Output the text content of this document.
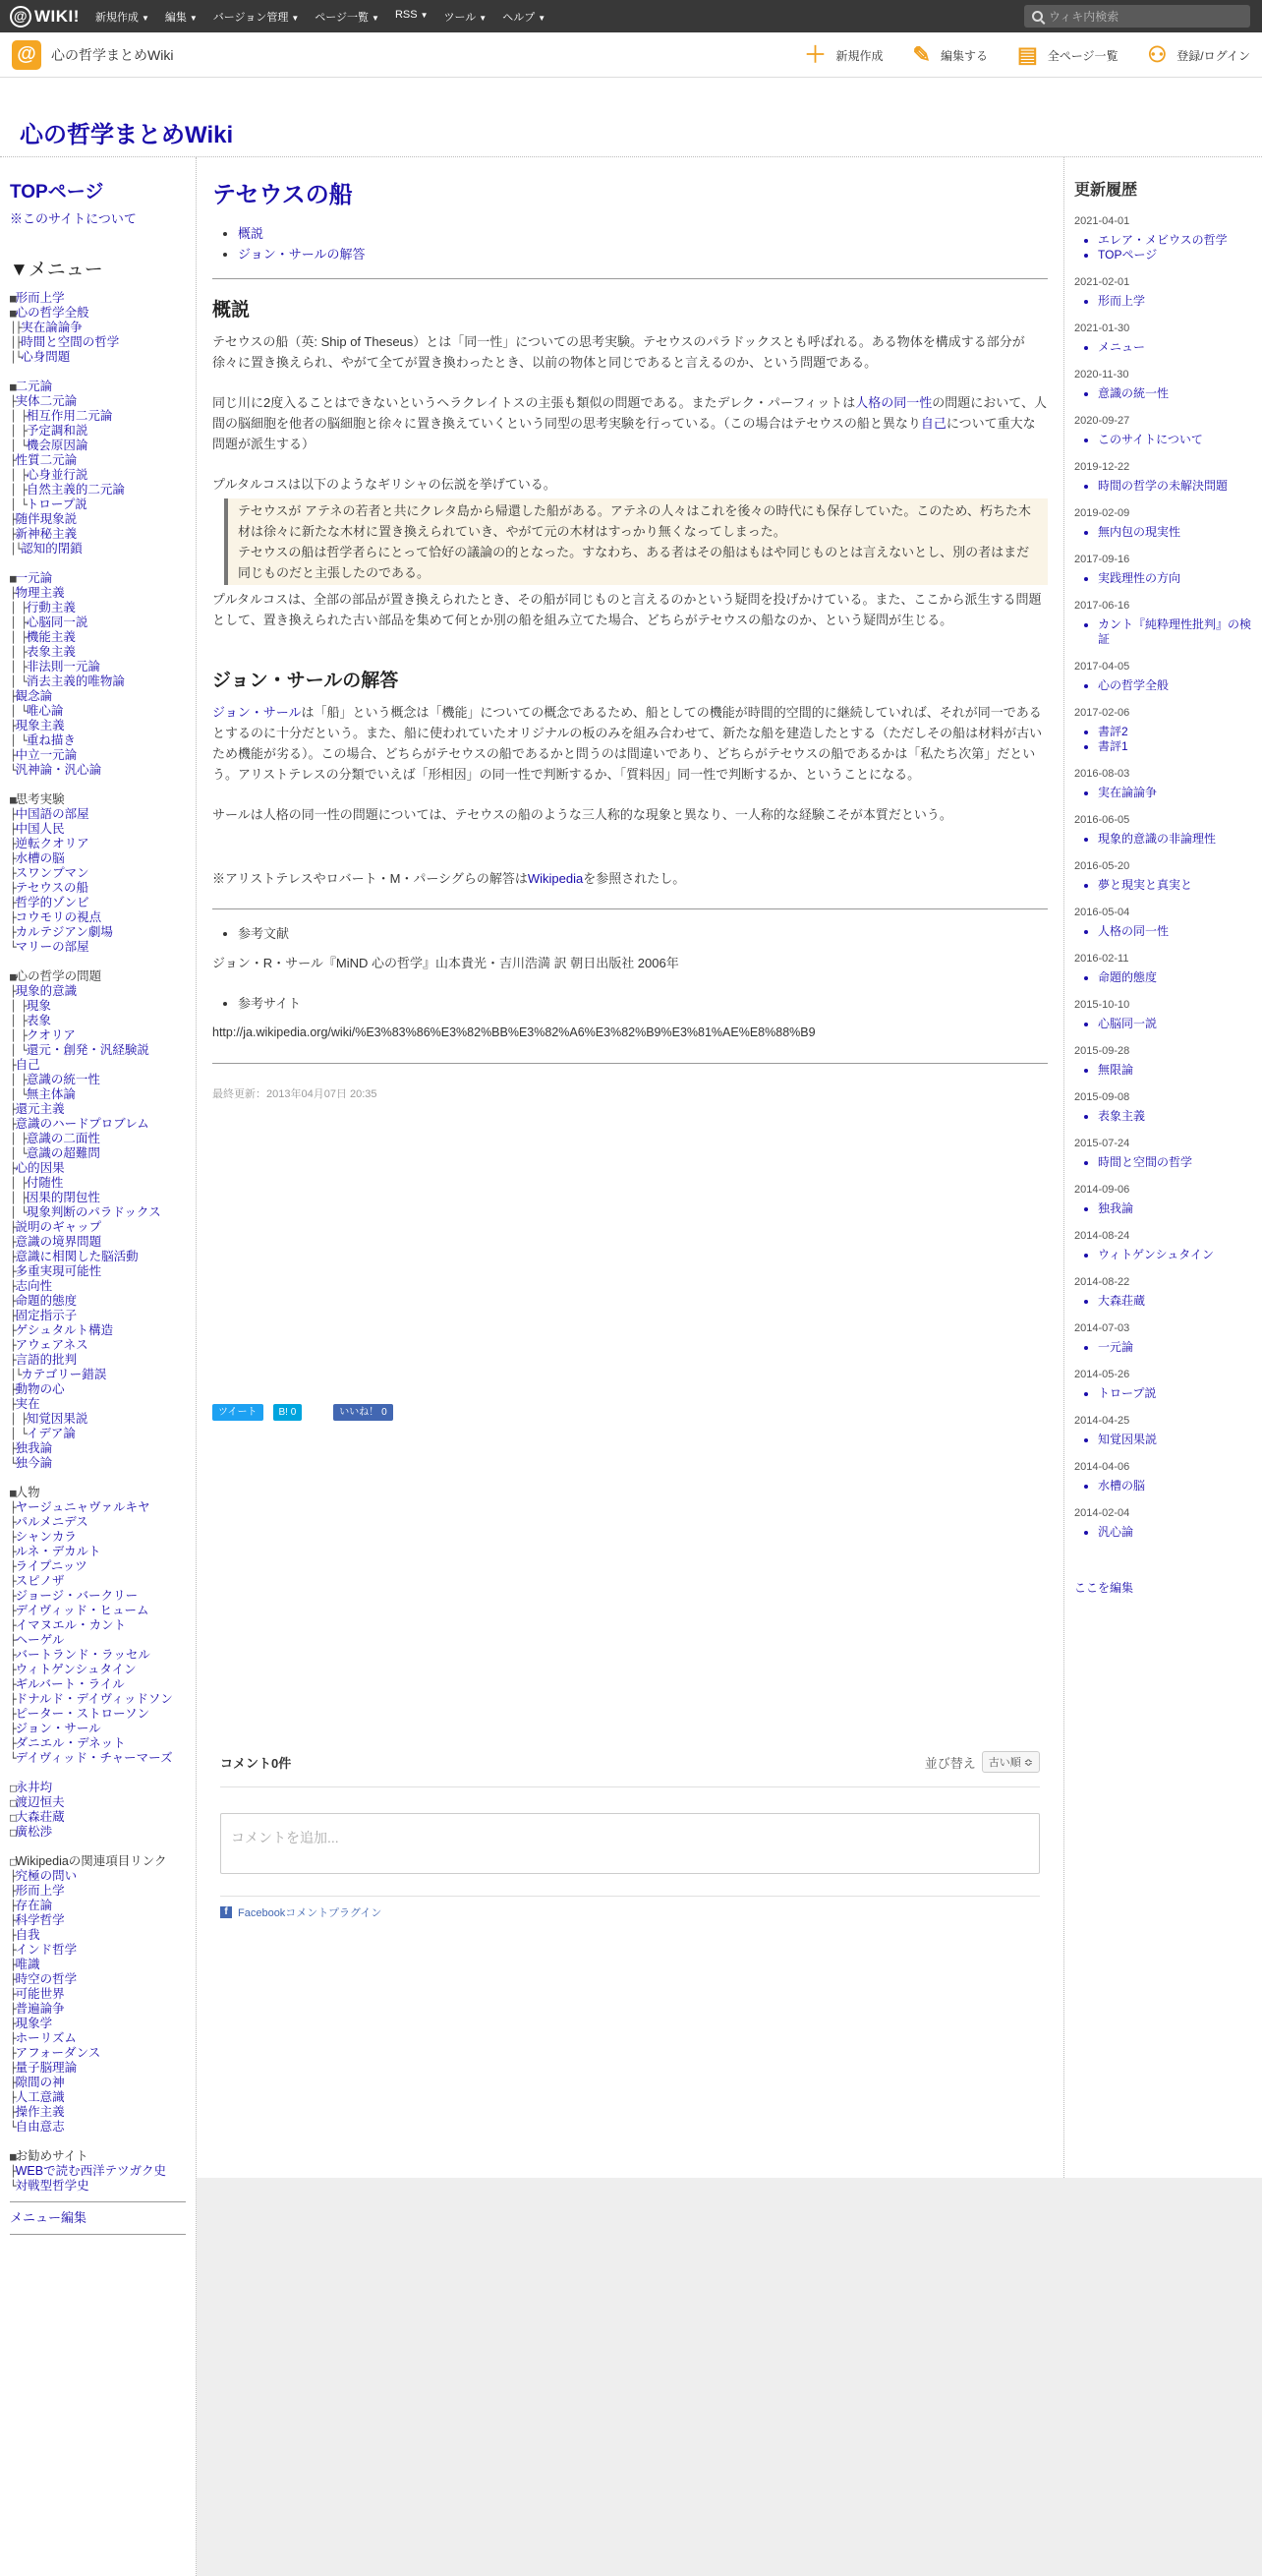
@ WIKI! 新規作成 ▼ 編集 ▼ バージョン管理 ▼ ページ一覧 ▼ RSS ▼ ツール ▼ ヘルプ ▼	ウィキ内検索
@	心の哲学まとめWiki	＋ 新規作成 ✎ 編集する ▤ 全ページ一覧 ⚇ 登録/ログイン
心の哲学まとめWiki
TOPページ
※このサイトについて
▼メニュー
■形而上学
■心の哲学全般
│├実在論論争
│├時間と空間の哲学
│└心身問題
■二元論
├実体二元論
│ ├相互作用二元論
│ ├予定調和説
│ └機会原因論
├性質二元論
│ ├心身並行説
│ ├自然主義的二元論
│ └トロープ説
├随伴現象説
├新神秘主義
│└認知的閉鎖
■一元論
├物理主義
│ ├行動主義
│ ├心脳同一説
│ ├機能主義
│ ├表象主義
│ ├非法則一元論
│ └消去主義的唯物論
├観念論
│ └唯心論
├現象主義
│ └重ね描き
├中立一元論
└汎神論・汎心論
■思考実験
├中国語の部屋
├中国人民
├逆転クオリア
├水槽の脳
├スワンプマン
├テセウスの船
├哲学的ゾンビ
├コウモリの視点
├カルテジアン劇場
└マリーの部屋
■心の哲学の問題
├現象的意識
│ ├現象
│ ├表象
│ ├クオリア
│ └還元・創発・汎経験説
├自己
│ ├意識の統一性
│ └無主体論
├還元主義
├意識のハードプロブレム
│ ├意識の二面性
│ └意識の超難問
├心的因果
│ ├付随性
│ ├因果的閉包性
│ └現象判断のパラドックス
├説明のギャップ
├意識の境界問題
├意識に相関した脳活動
├多重実現可能性
├志向性
├命題的態度
├固定指示子
├ゲシュタルト構造
├アウェアネス
├言語的批判
│└カテゴリー錯誤
├動物の心
├実在
│ ├知覚因果説
│ └イデア論
├独我論
└独今論
■人物
├ヤージュニャヴァルキヤ
├パルメニデス
├シャンカラ
├ルネ・デカルト
├ライプニッツ
├スピノザ
├ジョージ・バークリー
├デイヴィッド・ヒューム
├イマヌエル・カント
├ヘーゲル
├バートランド・ラッセル
├ウィトゲンシュタイン
├ギルバート・ライル
├ドナルド・デイヴィッドソン
├ピーター・ストローソン
├ジョン・サール
├ダニエル・デネット
└デイヴィッド・チャーマーズ
□永井均
□渡辺恒夫
□大森荘蔵
□廣松渉
□Wikipediaの関連項目リンク
├究極の問い
├形而上学
├存在論
├科学哲学
├自我
├インド哲学
├唯識
├時空の哲学
├可能世界
├普遍論争
├現象学
├ホーリズム
├アフォーダンス
├量子脳理論
├隙間の神
├人工意識
├操作主義
└自由意志
■お勧めサイト
├WEBで読む西洋テツガク史
└対戦型哲学史
メニュー編集
テセウスの船
• 概説
• ジョン・サールの解答
概説
テセウスの船（英: Ship of Theseus）とは「同一性」についての思考実験。テセウスのパラドックスとも呼ばれる。ある物体を構成する部分が徐々に置き換えられ、やがて全てが置き換わったとき、以前の物体と同じであると言えるのか、という問題である。
同じ川に2度入ることはできないというヘラクレイトスの主張も類似の問題である。またデレク・パーフィットは人格の同一性の問題において、人間の脳細胞を他者の脳細胞と徐々に置き換えていくという同型の思考実験を行っている。（この場合はテセウスの船と異なり自己について重大な問題が派生する）
プルタルコスは以下のようなギリシャの伝説を挙げている。
テセウスが アテネの若者と共にクレタ島から帰還した船がある。アテネの人々はこれを後々の時代にも保存していた。このため、朽ちた木材は徐々に新たな木材に置き換えられていき、やがて元の木材はすっかり無くなってしまった。
テセウスの船は哲学者らにとって恰好の議論の的となった。すなわち、ある者はその船はもはや同じものとは言えないとし、別の者はまだ同じものだと主張したのである。
プルタルコスは、全部の部品が置き換えられたとき、その船が同じものと言えるのかという疑問を投げかけている。また、ここから派生する問題として、置き換えられた古い部品を集めて何とか別の船を組み立てた場合、どちらがテセウスの船なのか、という疑問が生じる。
ジョン・サールの解答
ジョン・サールは「船」という概念は「機能」についての概念であるため、船としての機能が時間的空間的に継続していれば、それが同一であるとするのに十分だという。また、船に使われていたオリジナルの板のみを組み合わせて、新たな船を建造したとする（ただしその船は材料が古いため機能が劣る）。この場合、どちらがテセウスの船であるかと問うのは間違いであり、どちらがテセウスの船であるかは「私たち次第」だという。アリストテレスの分類でいえば「形相因」の同一性で判断するか、「質料因」同一性で判断するか、ということになる。
サールは人格の同一性の問題については、テセウスの船のような三人称的な現象と異なり、一人称的な経験こそが本質だという。
※アリストテレスやロバート・M・パーシグらの解答はWikipediaを参照されたし。
• 参考文献
ジョン・R・サール『MiND 心の哲学』山本貴光・吉川浩満 訳 朝日出版社 2006年
• 参考サイト
http://ja.wikipedia.org/wiki/%E3%83%86%E3%82%BB%E3%82%A6%E3%82%B9%E3%81%AE%E8%88%B9
最終更新：2013年04月07日 20:35
ツイート	B! 0	いいね！ 0
コメント0件	並び替え	古い順 ≎
コメントを追加...
f Facebookコメントプラグイン
更新履歴
2021-04-01
• エレア・メビウスの哲学
• TOPページ
2021-02-01
• 形而上学
2021-01-30
• メニュー
2020-11-30
• 意識の統一性
2020-09-27
• このサイトについて
2019-12-22
• 時間の哲学の未解決問題
2019-02-09
• 無内包の現実性
2017-09-16
• 実践理性の方向
2017-06-16
• カント『純粋理性批判』の検証
2017-04-05
• 心の哲学全般
2017-02-06
• 書評2
• 書評1
2016-08-03
• 実在論論争
2016-06-05
• 現象的意識の非論理性
2016-05-20
• 夢と現実と真実と
2016-05-04
• 人格の同一性
2016-02-11
• 命題的態度
2015-10-10
• 心脳同一説
2015-09-28
• 無限論
2015-09-08
• 表象主義
2015-07-24
• 時間と空間の哲学
2014-09-06
• 独我論
2014-08-24
• ウィトゲンシュタイン
2014-08-22
• 大森荘蔵
2014-07-03
• 一元論
2014-05-26
• トロープ説
2014-04-25
• 知覚因果説
2014-04-06
• 水槽の脳
2014-02-04
• 汎心論
ここを編集
